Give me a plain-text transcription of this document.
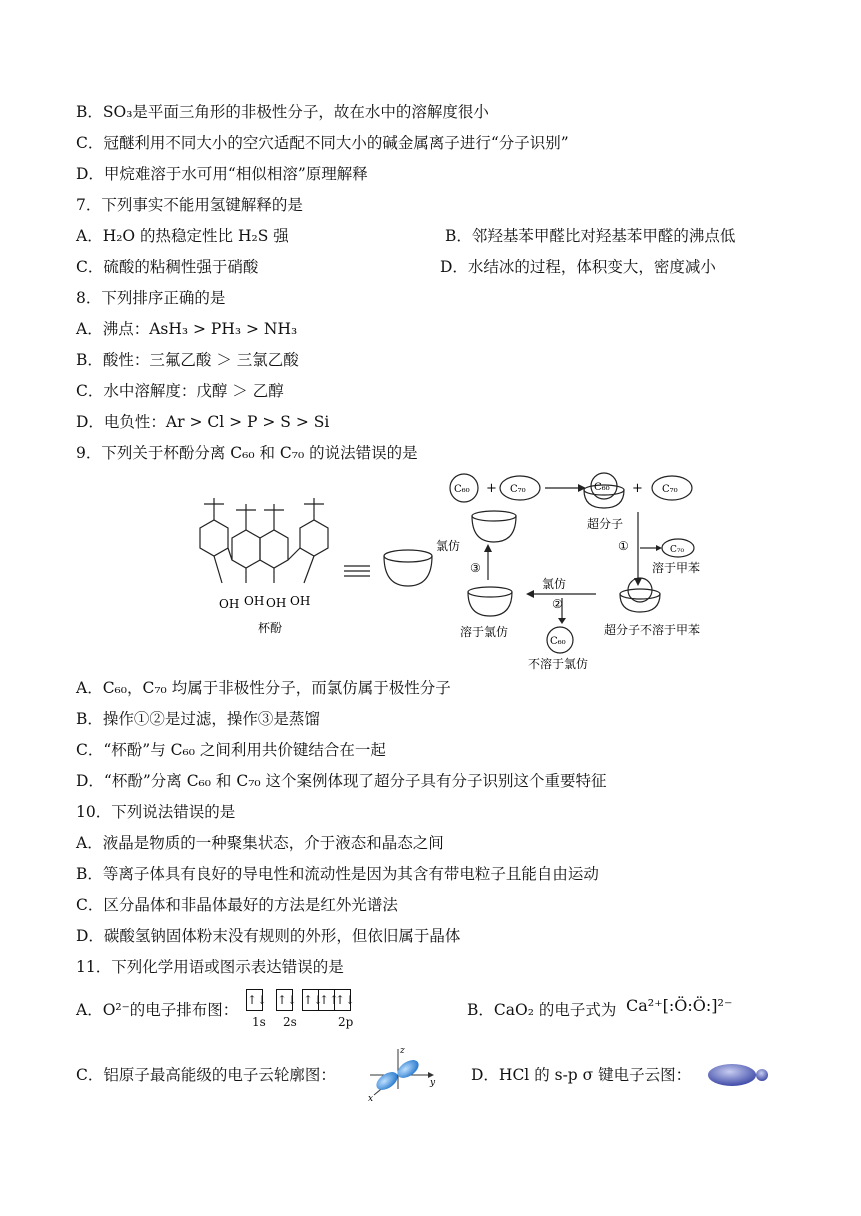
B．SO₃是平面三角形的非极性分子，故在水中的溶解度很小
C．冠醚利用不同大小的空穴适配不同大小的碱金属离子进行“分子识别”
D．甲烷难溶于水可用“相似相溶”原理解释
7．下列事实不能用氢键解释的是
A．H₂O 的热稳定性比 H₂S 强	B．邻羟基苯甲醛比对羟基苯甲醛的沸点低
C．硫酸的粘稠性强于硝酸	D．水结冰的过程，体积变大，密度减小
8．下列排序正确的是
A．沸点：AsH₃ > PH₃ > NH₃
B．酸性：三氟乙酸 ＞ 三氯乙酸
C．水中溶解度：戊醇 ＞ 乙醇
D．电负性：Ar > Cl > P > S > Si
9．下列关于杯酚分离 C₆₀ 和 C₇₀ 的说法错误的是
OH OH OH OH
杯酚
C₆₀ + C₇₀	C₆₀ + C₇₀
超分子
①	C₇₀
溶于甲苯
超分子不溶于甲苯
氯仿
②
C₆₀
不溶于氯仿
溶于氯仿
③
氯仿
A．C₆₀，C₇₀ 均属于非极性分子，而氯仿属于极性分子
B．操作①②是过滤，操作③是蒸馏
C．“杯酚”与 C₆₀ 之间利用共价键结合在一起
D．“杯酚”分离 C₆₀ 和 C₇₀ 这个案例体现了超分子具有分子识别这个重要特征
10．下列说法错误的是
A．液晶是物质的一种聚集状态，介于液态和晶态之间
B．等离子体具有良好的导电性和流动性是因为其含有带电粒子且能自由运动
C．区分晶体和非晶体最好的方法是红外光谱法
D．碳酸氢钠固体粉末没有规则的外形，但依旧属于晶体
11．下列化学用语或图示表达错误的是
A．O²⁻的电子排布图：
↑↓ ↑↓ ↑↓↑↑↑↓
1s 2s	2p
B．CaO₂ 的电子式为 Ca²⁺[:Ö:Ö:]²⁻
C．铝原子最高能级的电子云轮廓图：
z
y
x
D．HCl 的 s-p σ 键电子云图：
